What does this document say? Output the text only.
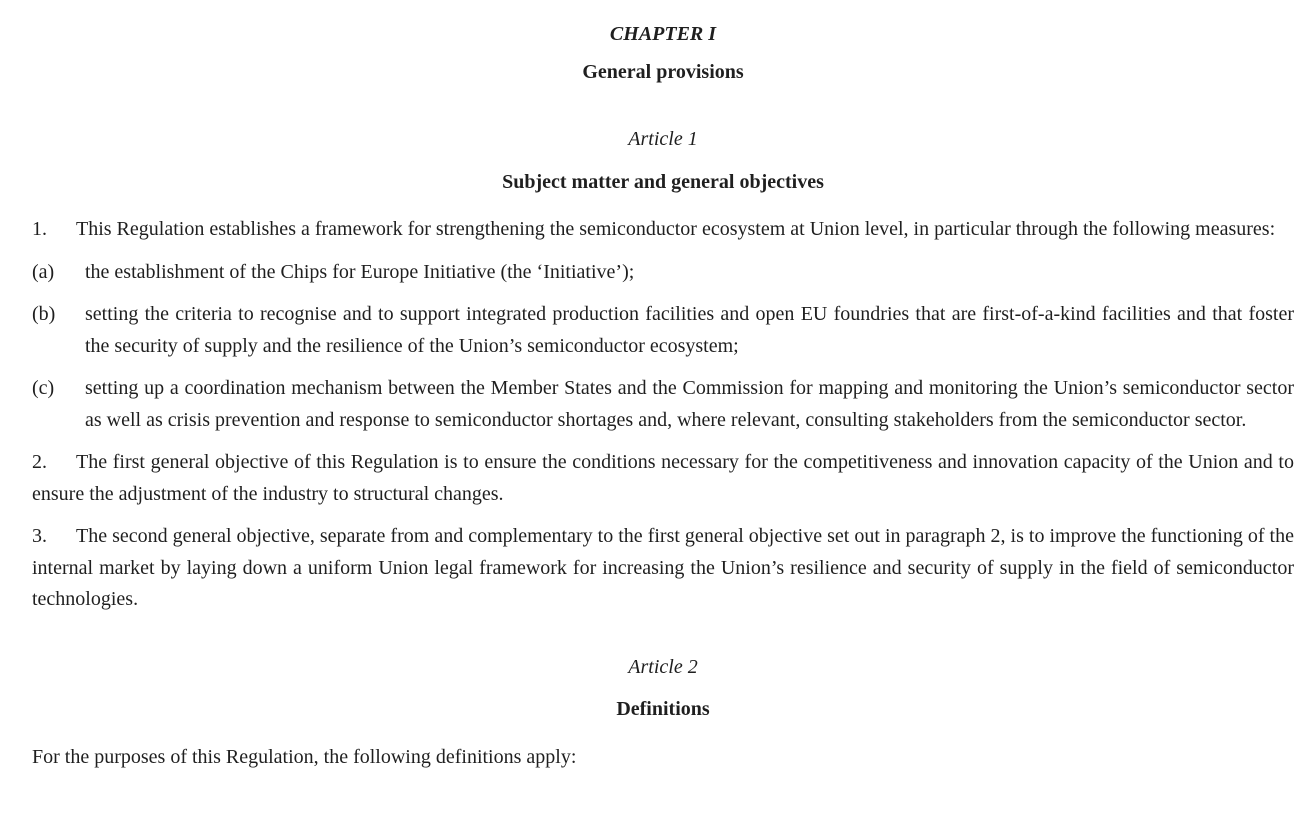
CHAPTER I
General provisions
Article 1
Subject matter and general objectives

1. This Regulation establishes a framework for strengthening the semiconductor ecosystem at Union level, in particular through the following measures:

(a) the establishment of the Chips for Europe Initiative (the ‘Initiative’);

(b) setting the criteria to recognise and to support integrated production facilities and open EU foundries that are first-of-a-kind facilities and that foster the security of supply and the resilience of the Union’s semiconductor ecosystem;

(c) setting up a coordination mechanism between the Member States and the Commission for mapping and monitoring the Union’s semiconductor sector as well as crisis prevention and response to semiconductor shortages and, where relevant, consulting stakeholders from the semiconductor sector.

2. The first general objective of this Regulation is to ensure the conditions necessary for the competitiveness and innovation capacity of the Union and to ensure the adjustment of the industry to structural changes.

3. The second general objective, separate from and complementary to the first general objective set out in paragraph 2, is to improve the functioning of the internal market by laying down a uniform Union legal framework for increasing the Union’s resilience and security of supply in the field of semiconductor technologies.

Article 2
Definitions

For the purposes of this Regulation, the following definitions apply:
